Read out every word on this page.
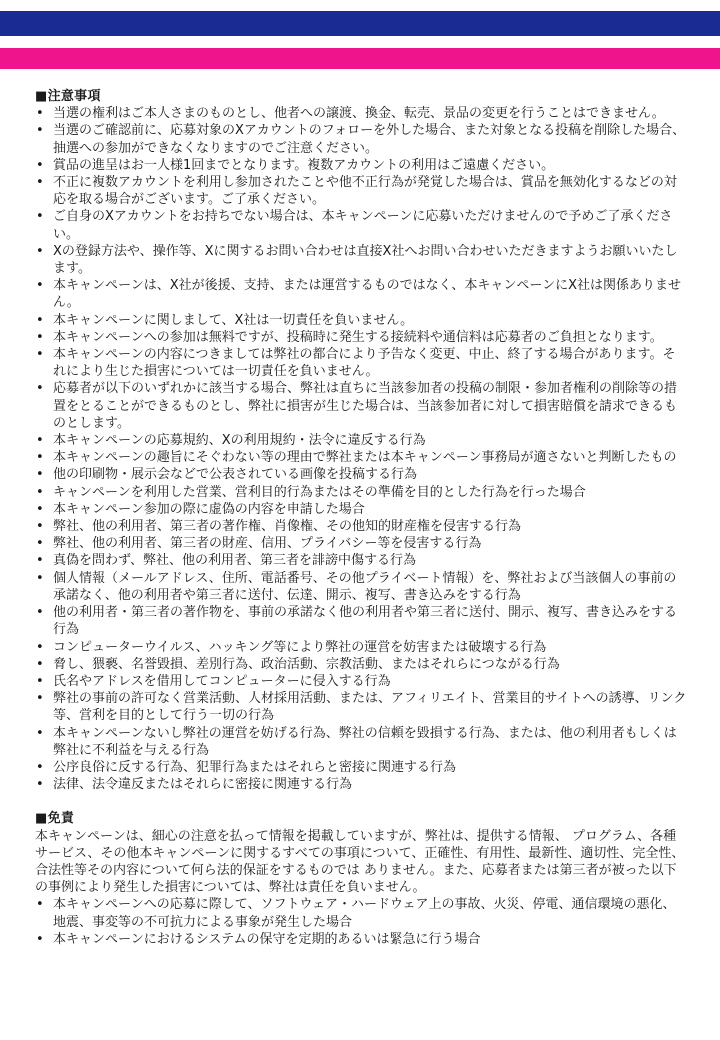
■注意事項

• 当選の権利はご本人さまのものとし、他者への譲渡、換金、転売、景品の変更を行うことはできません。
• 当選のご確認前に、応募対象のXアカウントのフォローを外した場合、また対象となる投稿を削除した場合、抽選への参加ができなくなりますのでご注意ください。
• 賞品の進呈はお一人様1回までとなります。複数アカウントの利用はご遠慮ください。
• 不正に複数アカウントを利用し参加されたことや他不正行為が発覚した場合は、賞品を無効化するなどの対応を取る場合がございます。ご了承ください。
• ご自身のXアカウントをお持ちでない場合は、本キャンペーンに応募いただけませんので予めご了承ください。
• Xの登録方法や、操作等、Xに関するお問い合わせは直接X社へお問い合わせいただきますようお願いいたします。
• 本キャンペーンは、X社が後援、支持、または運営するものではなく、本キャンペーンにX社は関係ありません。
• 本キャンペーンに関しまして、X社は一切責任を負いません。
• 本キャンペーンへの参加は無料ですが、投稿時に発生する接続料や通信料は応募者のご負担となります。
• 本キャンペーンの内容につきましては弊社の都合により予告なく変更、中止、終了する場合があります。それにより生じた損害については一切責任を負いません。
• 応募者が以下のいずれかに該当する場合、弊社は直ちに当該参加者の投稿の制限・参加者権利の削除等の措置をとることができるものとし、弊社に損害が生じた場合は、当該参加者に対して損害賠償を請求できるものとします。
• 本キャンペーンの応募規約、Xの利用規約・法令に違反する行為
• 本キャンペーンの趣旨にそぐわない等の理由で弊社または本キャンペーン事務局が適さないと判断したもの
• 他の印刷物・展示会などで公表されている画像を投稿する行為
• キャンペーンを利用した営業、営利目的行為またはその準備を目的とした行為を行った場合
• 本キャンペーン参加の際に虚偽の内容を申請した場合
• 弊社、他の利用者、第三者の著作権、肖像権、その他知的財産権を侵害する行為
• 弊社、他の利用者、第三者の財産、信用、プライバシー等を侵害する行為
• 真偽を問わず、弊社、他の利用者、第三者を誹謗中傷する行為
• 個人情報（メールアドレス、住所、電話番号、その他プライベート情報）を、弊社および当該個人の事前の承諾なく、他の利用者や第三者に送付、伝達、開示、複写、書き込みをする行為
• 他の利用者・第三者の著作物を、事前の承諾なく他の利用者や第三者に送付、開示、複写、書き込みをする行為
• コンピューターウイルス、ハッキング等により弊社の運営を妨害または破壊する行為
• 脅し、猥褻、名誉毀損、差別行為、政治活動、宗教活動、またはそれらにつながる行為
• 氏名やアドレスを借用してコンピューターに侵入する行為
• 弊社の事前の許可なく営業活動、人材採用活動、または、アフィリエイト、営業目的サイトへの誘導、リンク等、営利を目的として行う一切の行為
• 本キャンペーンないし弊社の運営を妨げる行為、弊社の信頼を毀損する行為、または、他の利用者もしくは弊社に不利益を与える行為
• 公序良俗に反する行為、犯罪行為またはそれらと密接に関連する行為
• 法律、法令違反またはそれらに密接に関連する行為

■免責

本キャンペーンは、細心の注意を払って情報を掲載していますが、弊社は、提供する情報、 プログラム、各種サービス、その他本キャンペーンに関するすべての事項について、正確性、有用性、最新性、適切性、完全性、合法性等その内容について何ら法的保証をするものでは ありません。また、応募者または第三者が被った以下の事例により発生した損害については、弊社は責任を負いません。

• 本キャンペーンへの応募に際して、ソフトウェア・ハードウェア上の事故、火災、停電、通信環境の悪化、地震、事変等の不可抗力による事象が発生した場合
• 本キャンペーンにおけるシステムの保守を定期的あるいは緊急に行う場合
